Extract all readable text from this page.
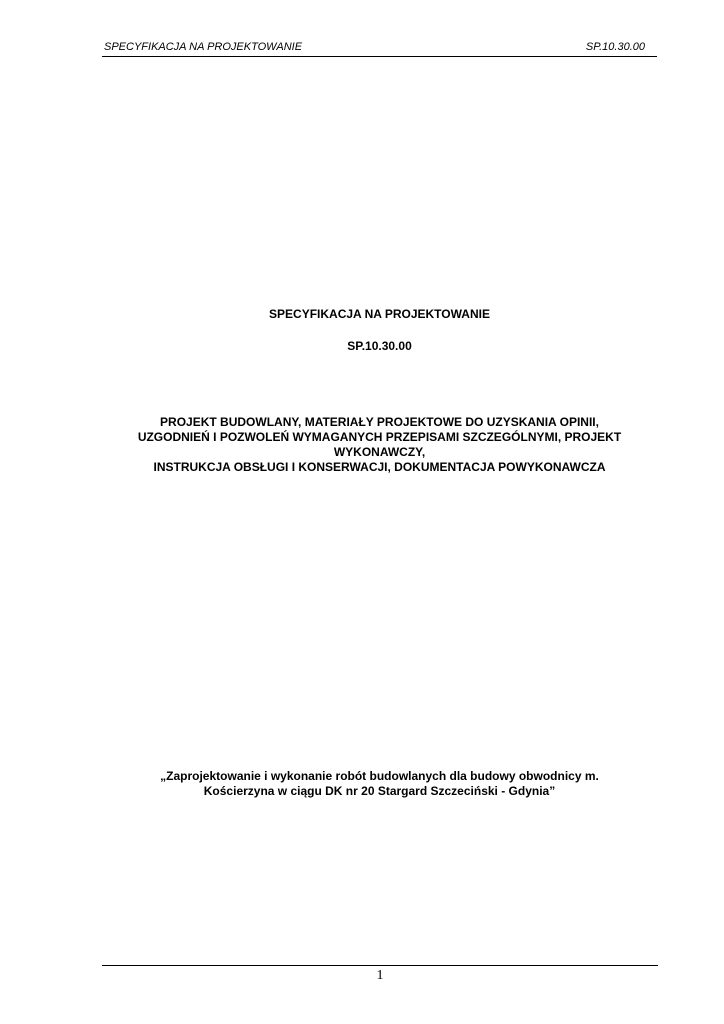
SPECYFIKACJA NA PROJEKTOWANIE	SP.10.30.00
SPECYFIKACJA NA PROJEKTOWANIE
SP.10.30.00
PROJEKT BUDOWLANY, MATERIAŁY PROJEKTOWE DO UZYSKANIA OPINII,
UZGODNIEŃ I POZWOLEŃ WYMAGANYCH PRZEPISAMI SZCZEGÓLNYMI, PROJEKT
WYKONAWCZY,
INSTRUKCJA OBSŁUGI I KONSERWACJI, DOKUMENTACJA POWYKONAWCZA
„Zaprojektowanie i wykonanie robót budowlanych dla budowy obwodnicy m.
Kościerzyna w ciągu DK nr 20 Stargard Szczeciński - Gdynia”
1
